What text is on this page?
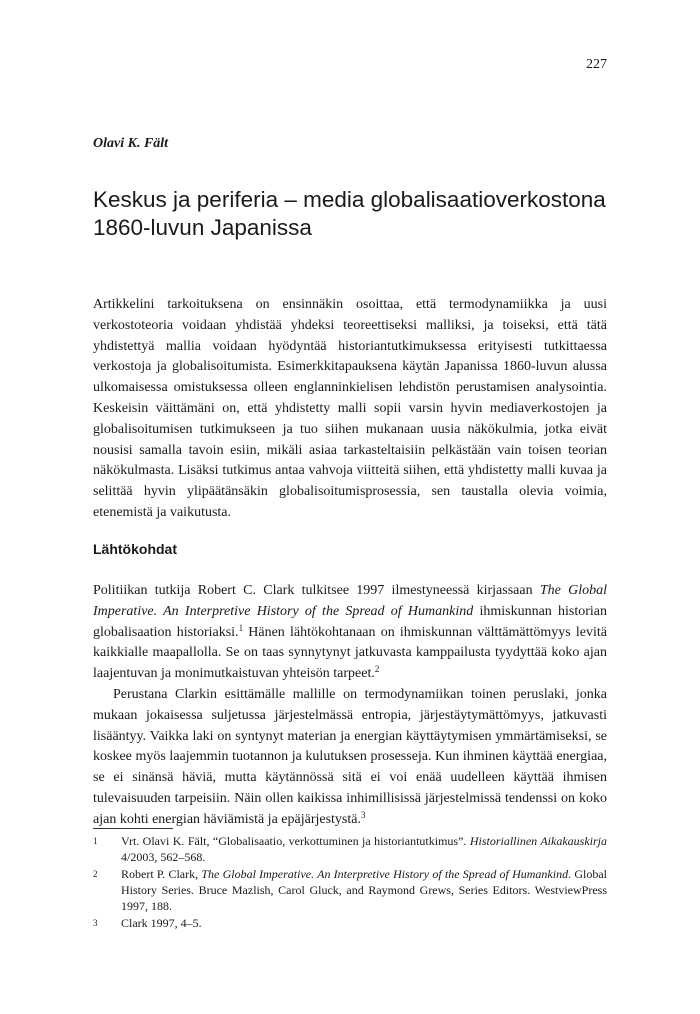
227
Olavi K. Fält
Keskus ja periferia – media globalisaatioverkostona
1860-luvun Japanissa

Artikkelini tarkoituksena on ensinnäkin osoittaa, että termodynamiikka ja uusi verkostoteoria voidaan yhdistää yhdeksi teoreettiseksi malliksi, ja toiseksi, että tätä yhdistettyä mallia voidaan hyödyntää historiantutkimuksessa erityisesti tutkittaessa verkostoja ja globalisoitumista. Esimerkkitapauksena käytän Japanissa 1860-luvun alussa ulkomaisessa omistuksessa olleen englanninkielisen lehdistön perustamisen analysointia. Keskeisin väittämäni on, että yhdistetty malli sopii varsin hyvin mediaverkostojen ja globalisoitumisen tutkimukseen ja tuo siihen mukanaan uusia näkökulmia, jotka eivät nousisi samalla tavoin esiin, mikäli asiaa tarkasteltaisiin pelkästään vain toisen teorian näkökulmasta. Lisäksi tutkimus antaa vahvoja viitteitä siihen, että yhdistetty malli kuvaa ja selittää hyvin ylipäätänsäkin globalisoitumisprosessia, sen taustalla olevia voimia, etenemistä ja vaikutusta.

Lähtökohdat

Politiikan tutkija Robert C. Clark tulkitsee 1997 ilmestyneessä kirjassaan The Global Imperative. An Interpretive History of the Spread of Humankind ihmiskunnan historian globalisaation historiaksi.$^1$ Hänen lähtökohtanaan on ihmiskunnan välttämättömyys levitä kaikkialle maapallolla. Se on taas synnytynyt jatkuvasta kamppailusta tyydyttää koko ajan laajentuvan ja monimutkaistuvan yhteisön tarpeet.$^2$

Perustana Clarkin esittämälle mallille on termodynamiikan toinen peruslaki, jonka mukaan jokaisessa suljetussa järjestelmässä entropia, järjestäytymättömyys, jatkuvasti lisääntyy. Vaikka laki on syntynyt materian ja energian käyttäytymisen ymmärtämiseksi, se koskee myös laajemmin tuotannon ja kulutuksen prosesseja. Kun ihminen käyttää energiaa, se ei sinänsä häviä, mutta käytännössä sitä ei voi enää uudelleen käyttää ihmisen tulevaisuuden tarpeisiin. Näin ollen kaikissa inhimillisissä järjestelmissä tendenssi on koko ajan kohti energian häviämistä ja epäjärjestystä.$^3$

1	Vrt. Olavi K. Fält, “Globalisaatio, verkottuminen ja historiantutkimus”. Historiallinen Aikakauskirja 4/2003, 562–568.
2	Robert P. Clark, The Global Imperative. An Interpretive History of the Spread of Humankind. Global History Series. Bruce Mazlish, Carol Gluck, and Raymond Grews, Series Editors. WestviewPress 1997, 188.
3	Clark 1997, 4–5.
